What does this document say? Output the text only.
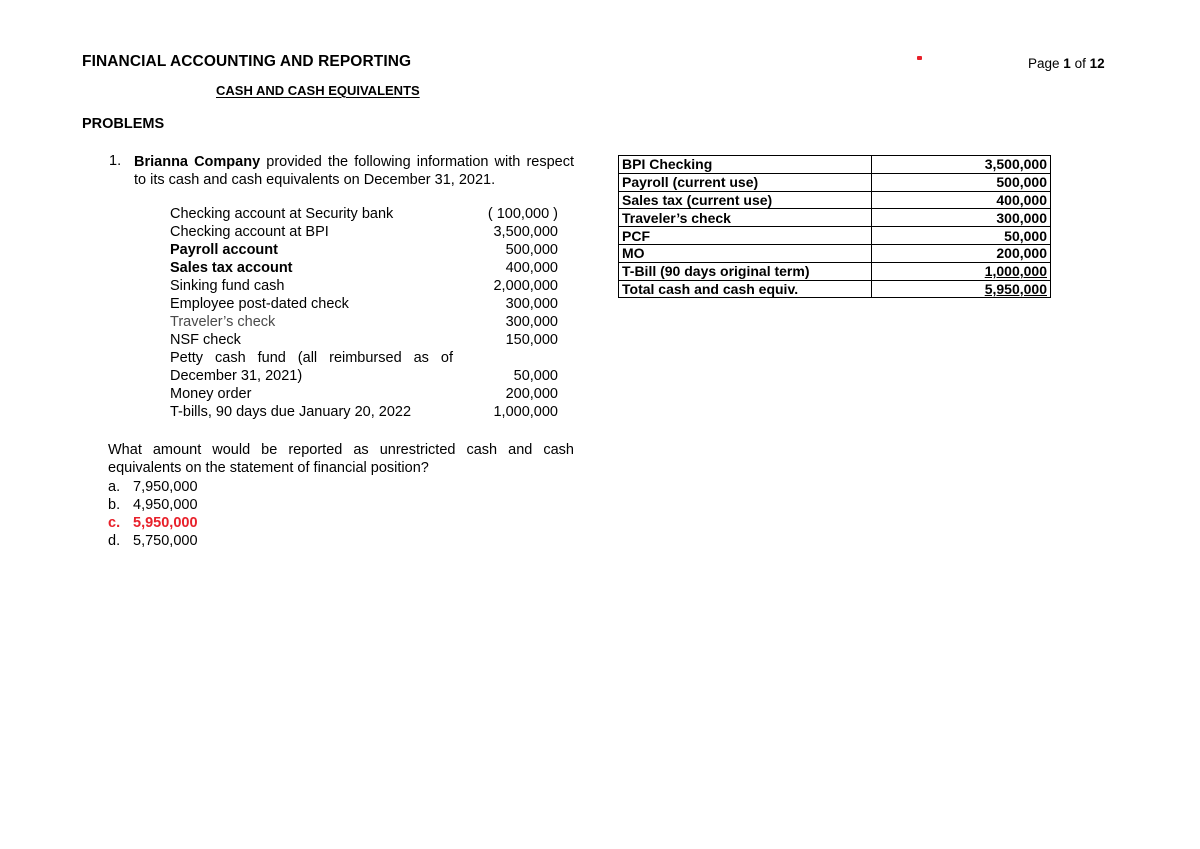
FINANCIAL ACCOUNTING AND REPORTING	Page 1 of 12
CASH AND CASH EQUIVALENTS
PROBLEMS
1. Brianna Company provided the following information with respect to its cash and cash equivalents on December 31, 2021.
Checking account at Security bank	( 100,000 )
Checking account at BPI	3,500,000
Payroll account	500,000
Sales tax account	400,000
Sinking fund cash	2,000,000
Employee post-dated check	300,000
Traveler’s check	300,000
NSF check	150,000
Petty cash fund (all reimbursed as of December 31, 2021)	50,000
Money order	200,000
T-bills, 90 days due January 20, 2022	1,000,000
What amount would be reported as unrestricted cash and cash equivalents on the statement of financial position?
a. 7,950,000
b. 4,950,000
c. 5,950,000
d. 5,750,000
BPI Checking	3,500,000
Payroll (current use)	500,000
Sales tax (current use)	400,000
Traveler’s check	300,000
PCF	50,000
MO	200,000
T-Bill (90 days original term)	1,000,000
Total cash and cash equiv.	5,950,000
